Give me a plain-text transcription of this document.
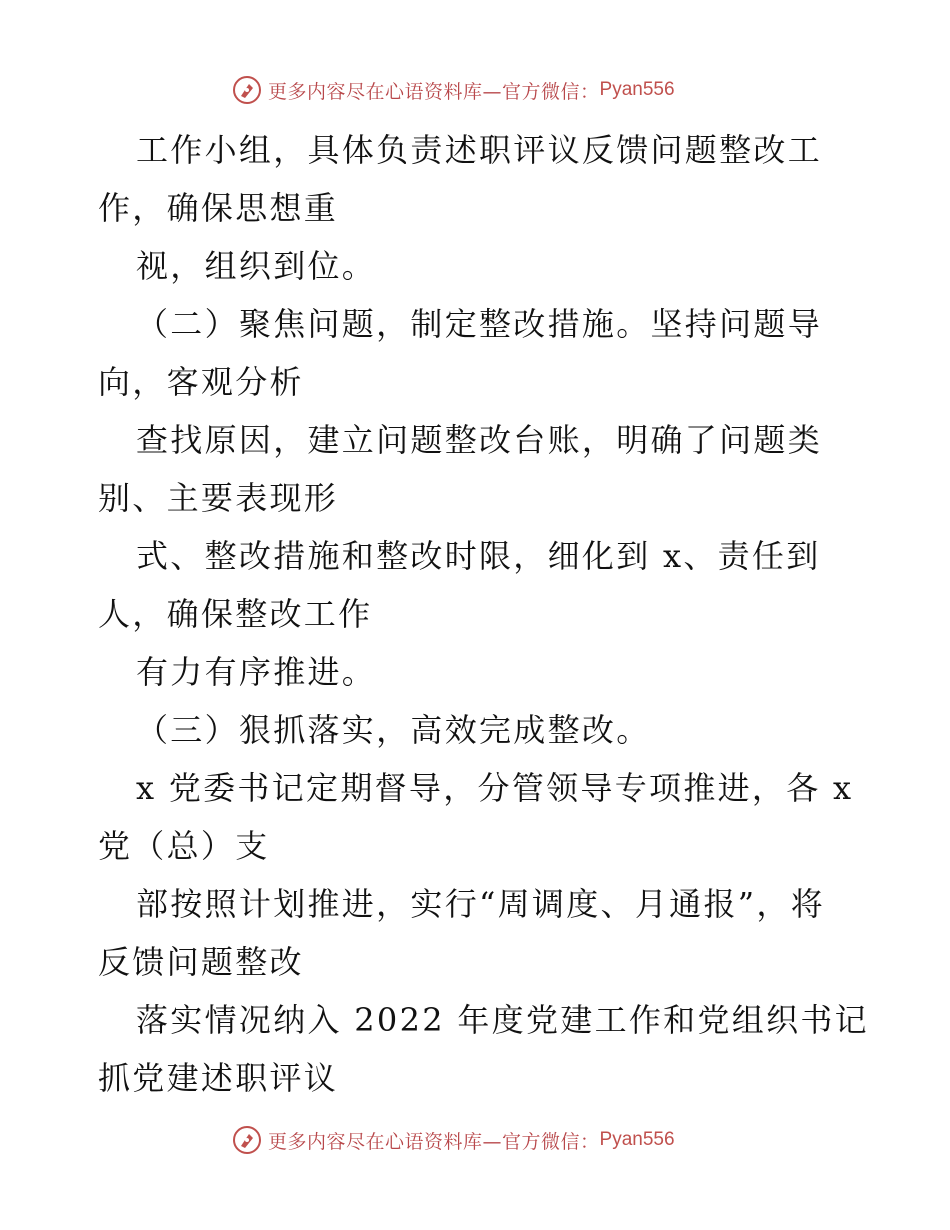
更多内容尽在心语资料库—官方微信： Pyan556
工作小组，具体负责述职评议反馈问题整改工
作，确保思想重
视，组织到位。
（二）聚焦问题，制定整改措施。坚持问题导
向，客观分析
查找原因，建立问题整改台账，明确了问题类
别、主要表现形
式、整改措施和整改时限，细化到 x、责任到
人，确保整改工作
有力有序推进。
（三）狠抓落实，高效完成整改。
x 党委书记定期督导，分管领导专项推进，各 x
党（总）支
部按照计划推进，实行“周调度、月通报”，将
反馈问题整改
落实情况纳入 2022 年度党建工作和党组织书记
抓党建述职评议
更多内容尽在心语资料库—官方微信： Pyan556
